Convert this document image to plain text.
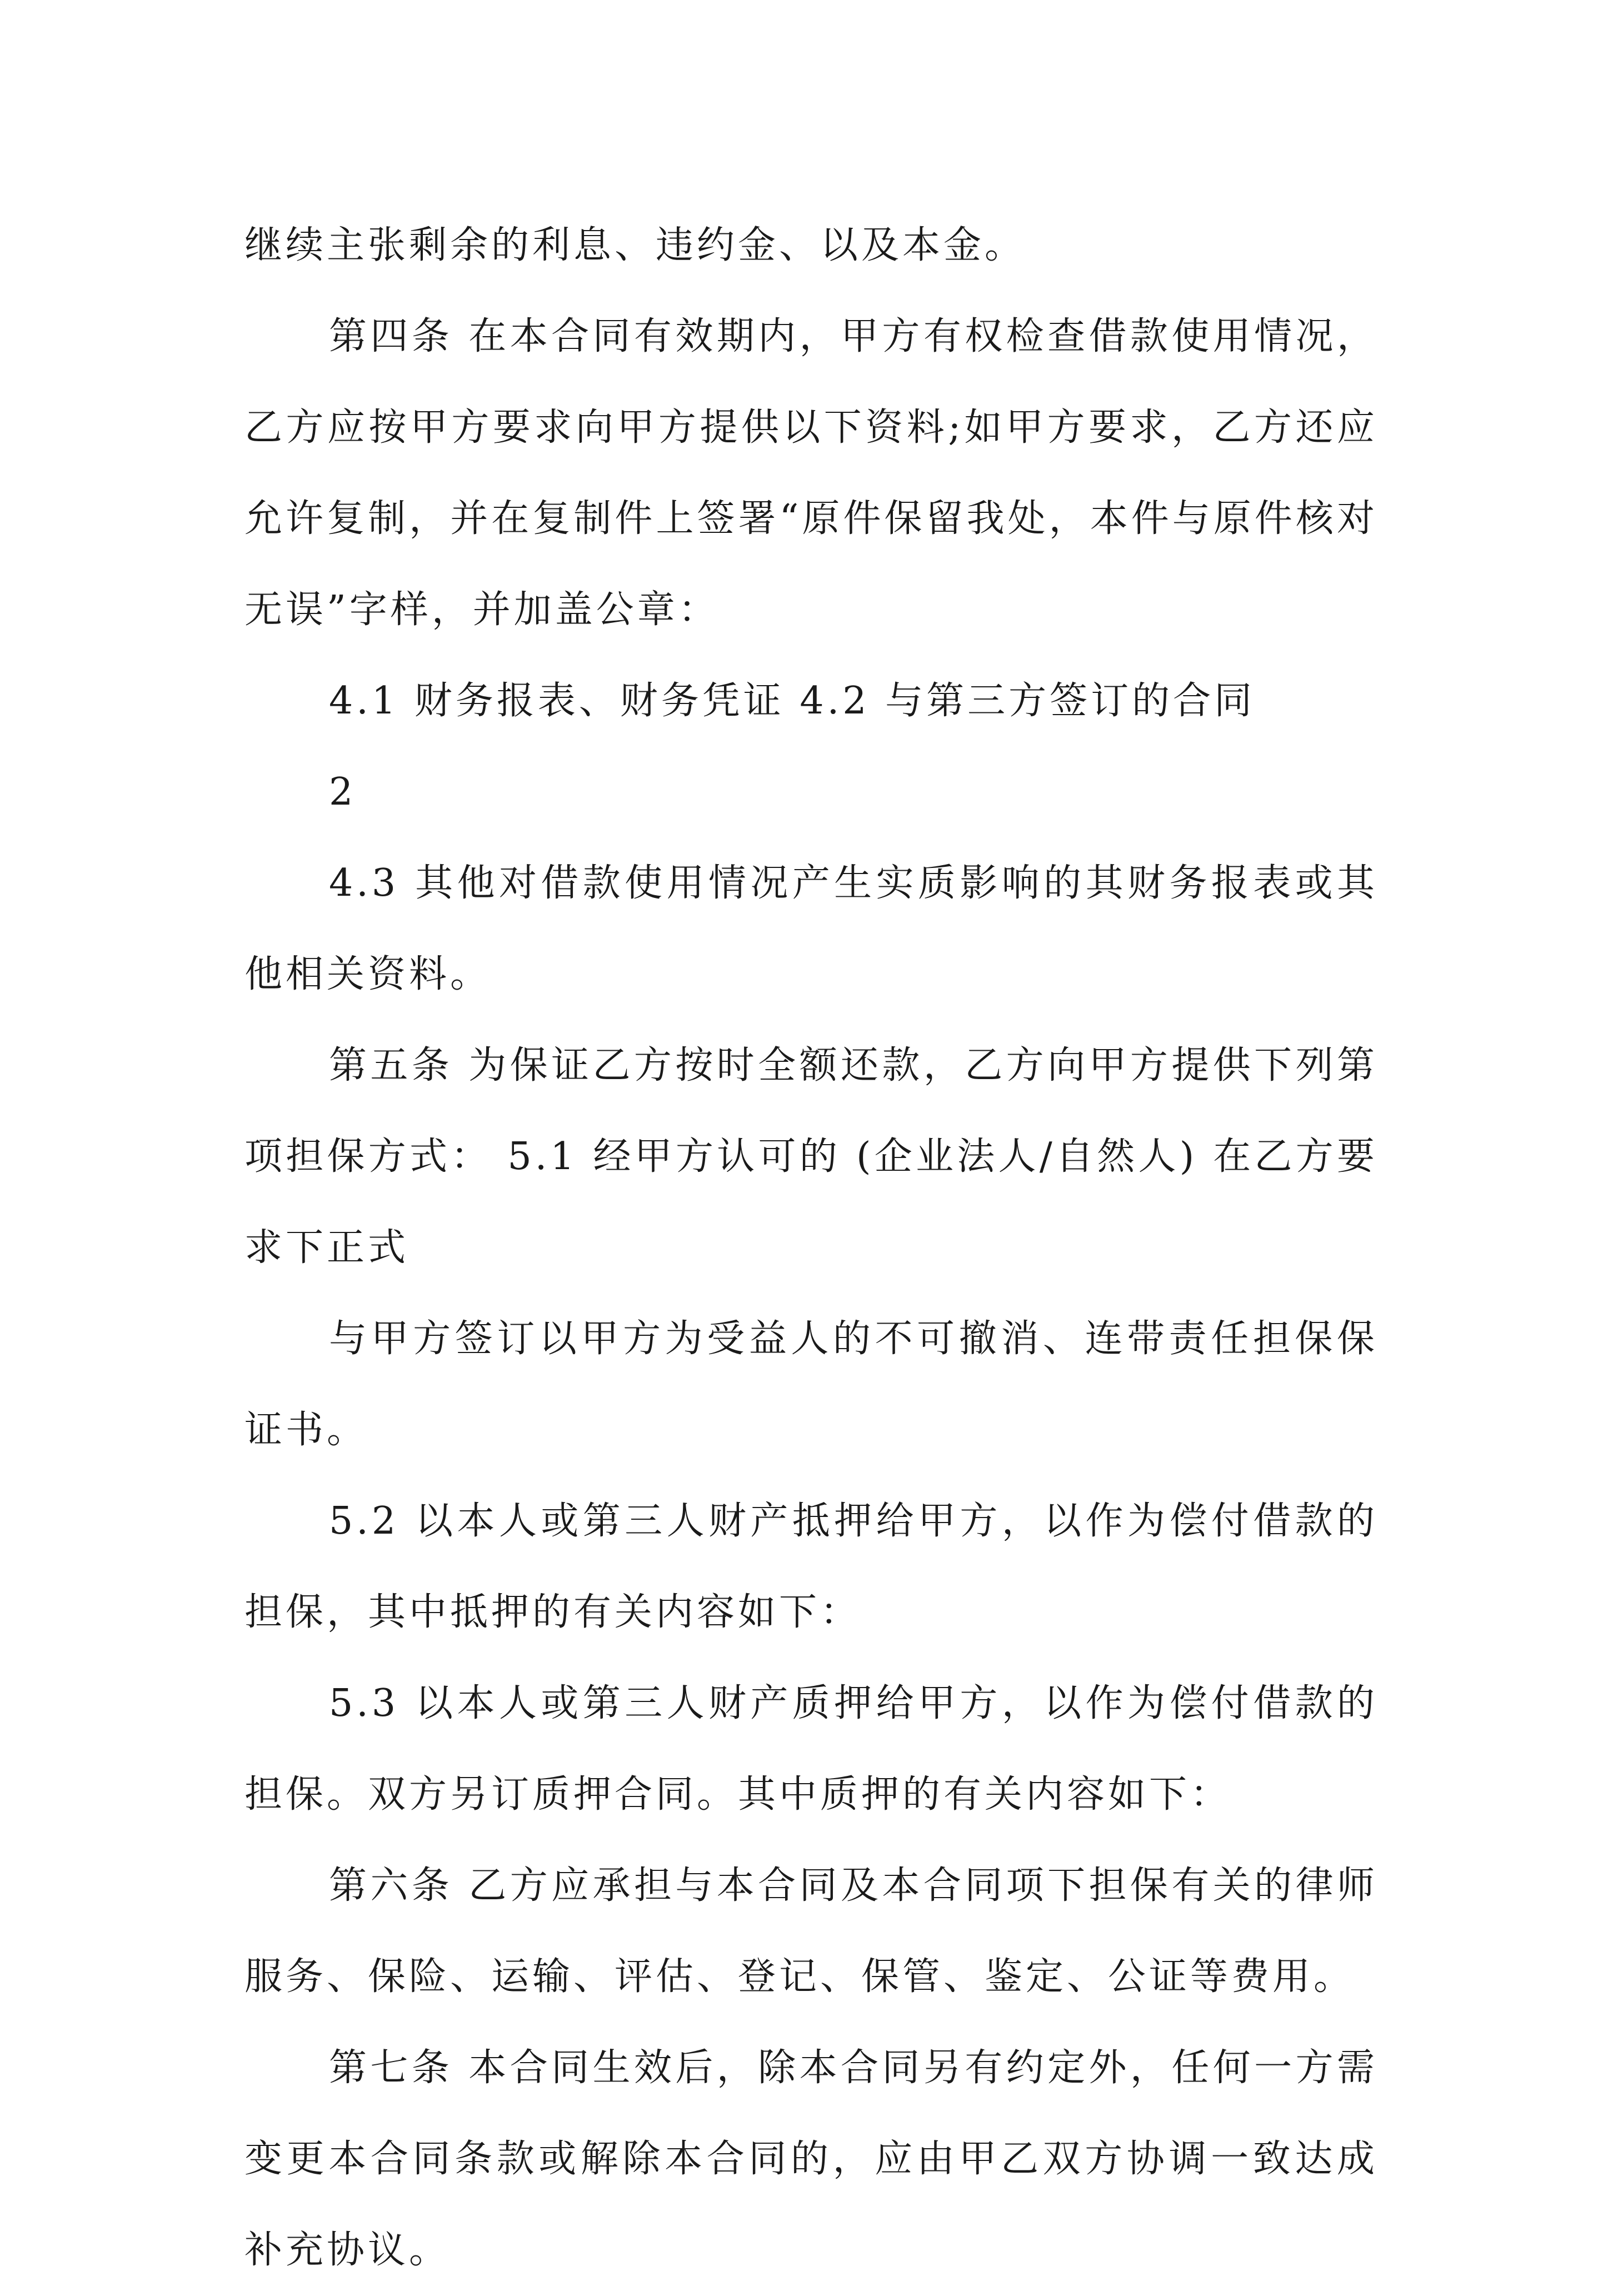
继续主张剩余的利息、违约金、以及本金。

第四条 在本合同有效期内，甲方有权检查借款使用情况，乙方应按甲方要求向甲方提供以下资料;如甲方要求，乙方还应允许复制，并在复制件上签署“原件保留我处，本件与原件核对无误”字样，并加盖公章：

4.1 财务报表、财务凭证 4.2 与第三方签订的合同

2

4.3 其他对借款使用情况产生实质影响的其财务报表或其他相关资料。

第五条 为保证乙方按时全额还款，乙方向甲方提供下列第 项担保方式： 5.1 经甲方认可的 (企业法人/自然人) 在乙方要求下正式

与甲方签订以甲方为受益人的不可撤消、连带责任担保保证书。

5.2 以本人或第三人财产抵押给甲方，以作为偿付借款的担保，其中抵押的有关内容如下：

5.3 以本人或第三人财产质押给甲方，以作为偿付借款的担保。双方另订质押合同。其中质押的有关内容如下：

第六条 乙方应承担与本合同及本合同项下担保有关的律师服务、保险、运输、评估、登记、保管、鉴定、公证等费用。

第七条 本合同生效后，除本合同另有约定外，任何一方需变更本合同条款或解除本合同的，应由甲乙双方协调一致达成补充协议。
